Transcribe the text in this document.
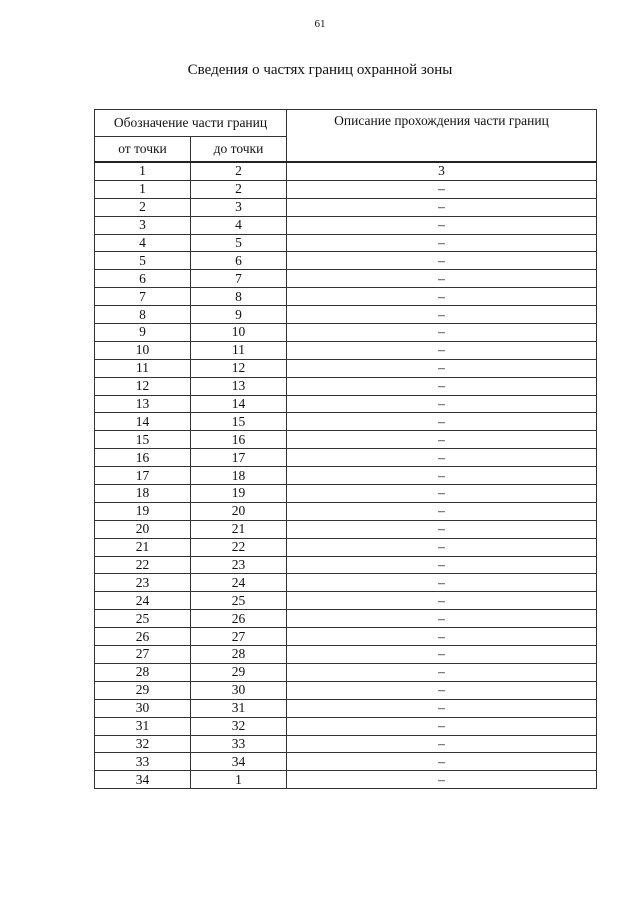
61
Сведения о частях границ охранной зоны
Обозначение части границ		Описание прохождения части границ
от точки	до точки	
1	2	3
1	2	–
2	3	–
3	4	–
4	5	–
5	6	–
6	7	–
7	8	–
8	9	–
9	10	–
10	11	–
11	12	–
12	13	–
13	14	–
14	15	–
15	16	–
16	17	–
17	18	–
18	19	–
19	20	–
20	21	–
21	22	–
22	23	–
23	24	–
24	25	–
25	26	–
26	27	–
27	28	–
28	29	–
29	30	–
30	31	–
31	32	–
32	33	–
33	34	–
34	1	–
